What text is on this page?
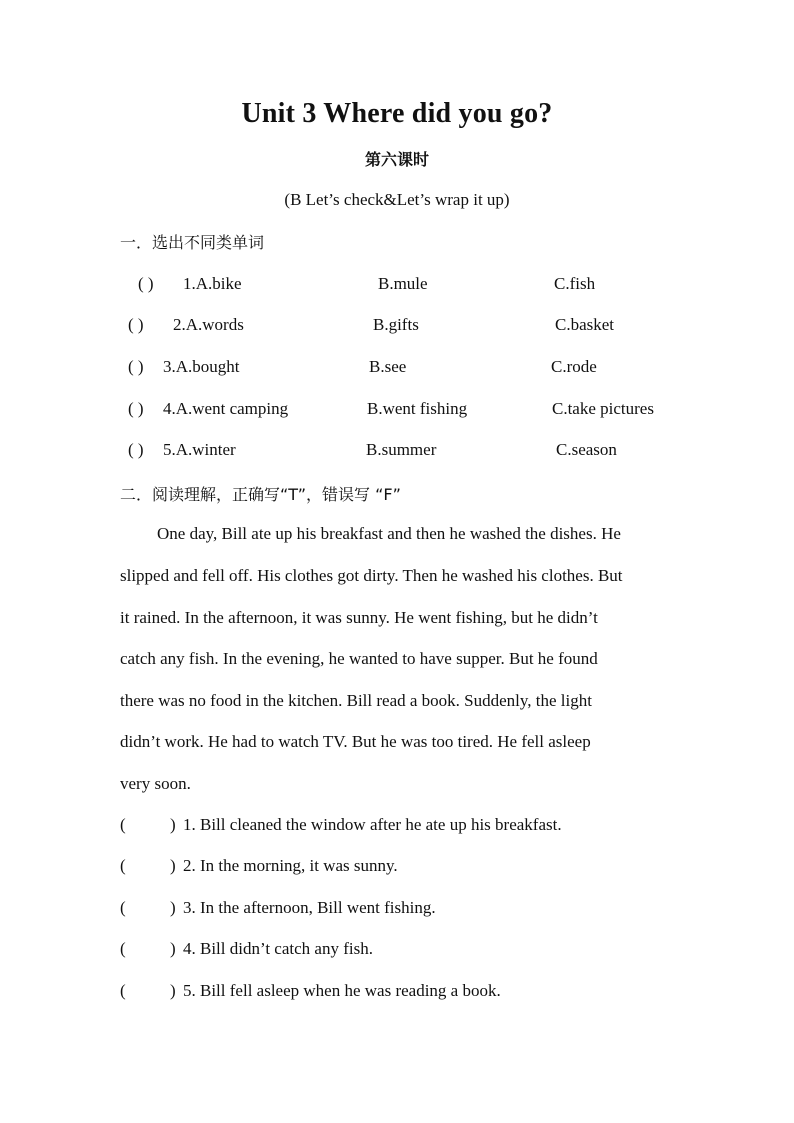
Unit 3 Where did you go?
第六课时
(B Let’s check&Let’s wrap it up)
一．选出不同类单词
( ) 1.A.bike	B.mule	C.fish
( ) 2.A.words	B.gifts	C.basket
( ) 3.A.bought	B.see	C.rode
( ) 4.A.went camping	B.went fishing	C.take pictures
( ) 5.A.winter	B.summer	C.season
二．阅读理解，正确写“T”，错误写 “F”
One day, Bill ate up his breakfast and then he washed the dishes. He
slipped and fell off. His clothes got dirty. Then he washed his clothes. But
it rained. In the afternoon, it was sunny. He went fishing, but he didn’t
catch any fish. In the evening, he wanted to have supper. But he found
there was no food in the kitchen. Bill read a book. Suddenly, the light
didn’t work. He had to watch TV. But he was too tired. He fell asleep
very soon.
(	) 1. Bill cleaned the window after he ate up his breakfast.
(	) 2. In the morning, it was sunny.
(	) 3. In the afternoon, Bill went fishing.
(	) 4. Bill didn’t catch any fish.
(	) 5. Bill fell asleep when he was reading a book.
